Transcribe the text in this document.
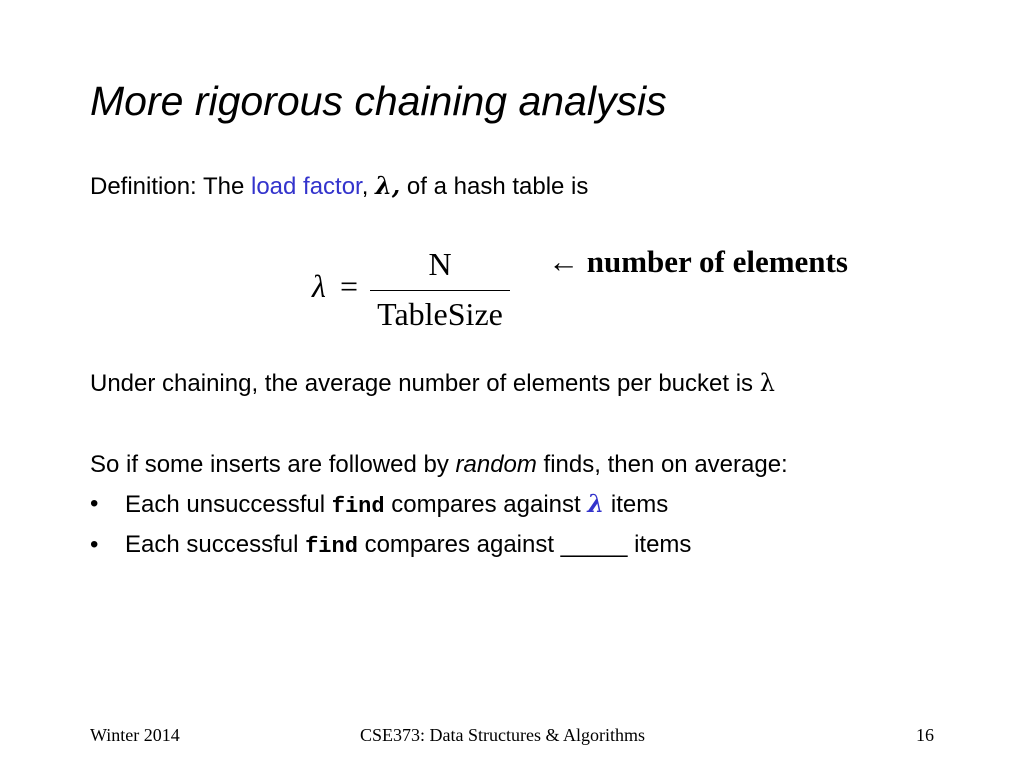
More rigorous chaining analysis
Definition: The load factor, λ, of a hash table is
λ =
N
TableSize
← number of elements
Under chaining, the average number of elements per bucket is λ
So if some inserts are followed by random finds, then on average:
• Each unsuccessful find compares against λ items
• Each successful find compares against _____ items
Winter 2014	CSE373: Data Structures & Algorithms	16
